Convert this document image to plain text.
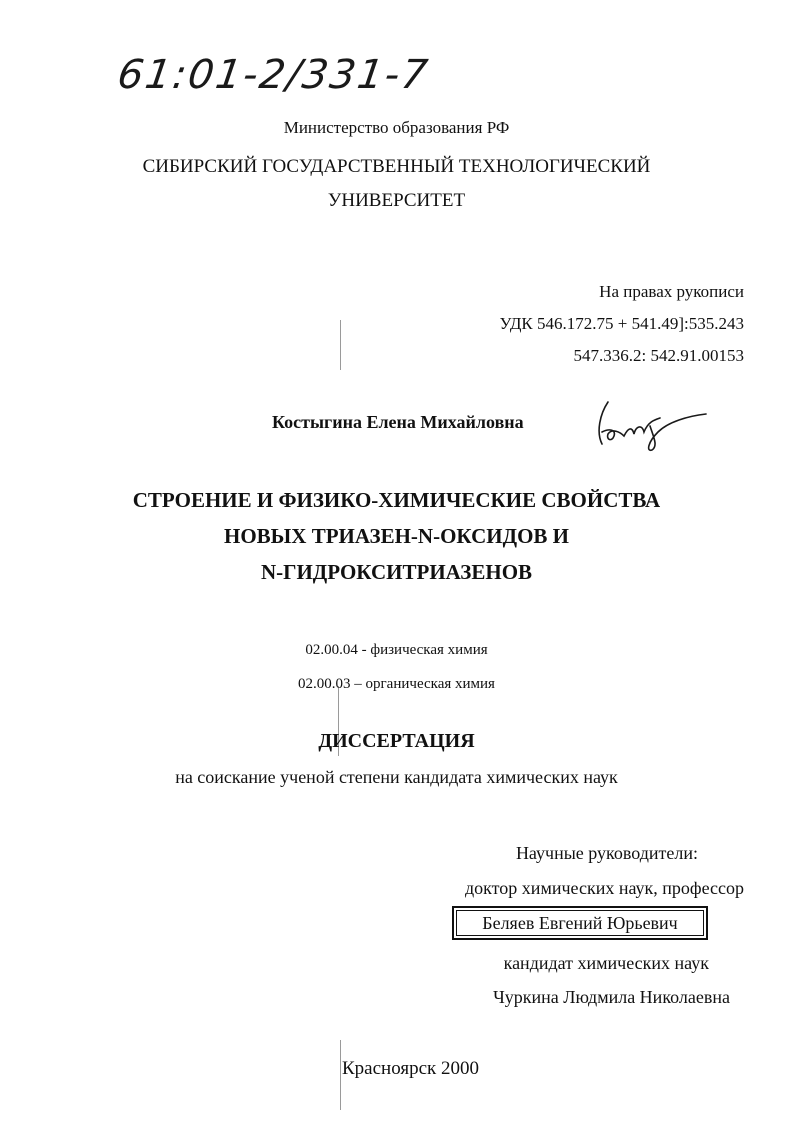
61:01-2/331-7
Министерство образования РФ
СИБИРСКИЙ ГОСУДАРСТВЕННЫЙ ТЕХНОЛОГИЧЕСКИЙ
УНИВЕРСИТЕТ
На правах рукописи
УДК 546.172.75 + 541.49]:535.243
547.336.2: 542.91.00153
Костыгина Елена Михайловна
СТРОЕНИЕ И ФИЗИКО-ХИМИЧЕСКИЕ СВОЙСТВА
НОВЫХ ТРИАЗЕН-N-ОКСИДОВ И
N-ГИДРОКСИТРИАЗЕНОВ
02.00.04 - физическая химия
02.00.03 – органическая химия
ДИССЕРТАЦИЯ
на соискание ученой степени кандидата химических наук
Научные руководители:
доктор химических наук, профессор
Беляев Евгений Юрьевич
кандидат химических наук
Чуркина Людмила Николаевна
Красноярск 2000
